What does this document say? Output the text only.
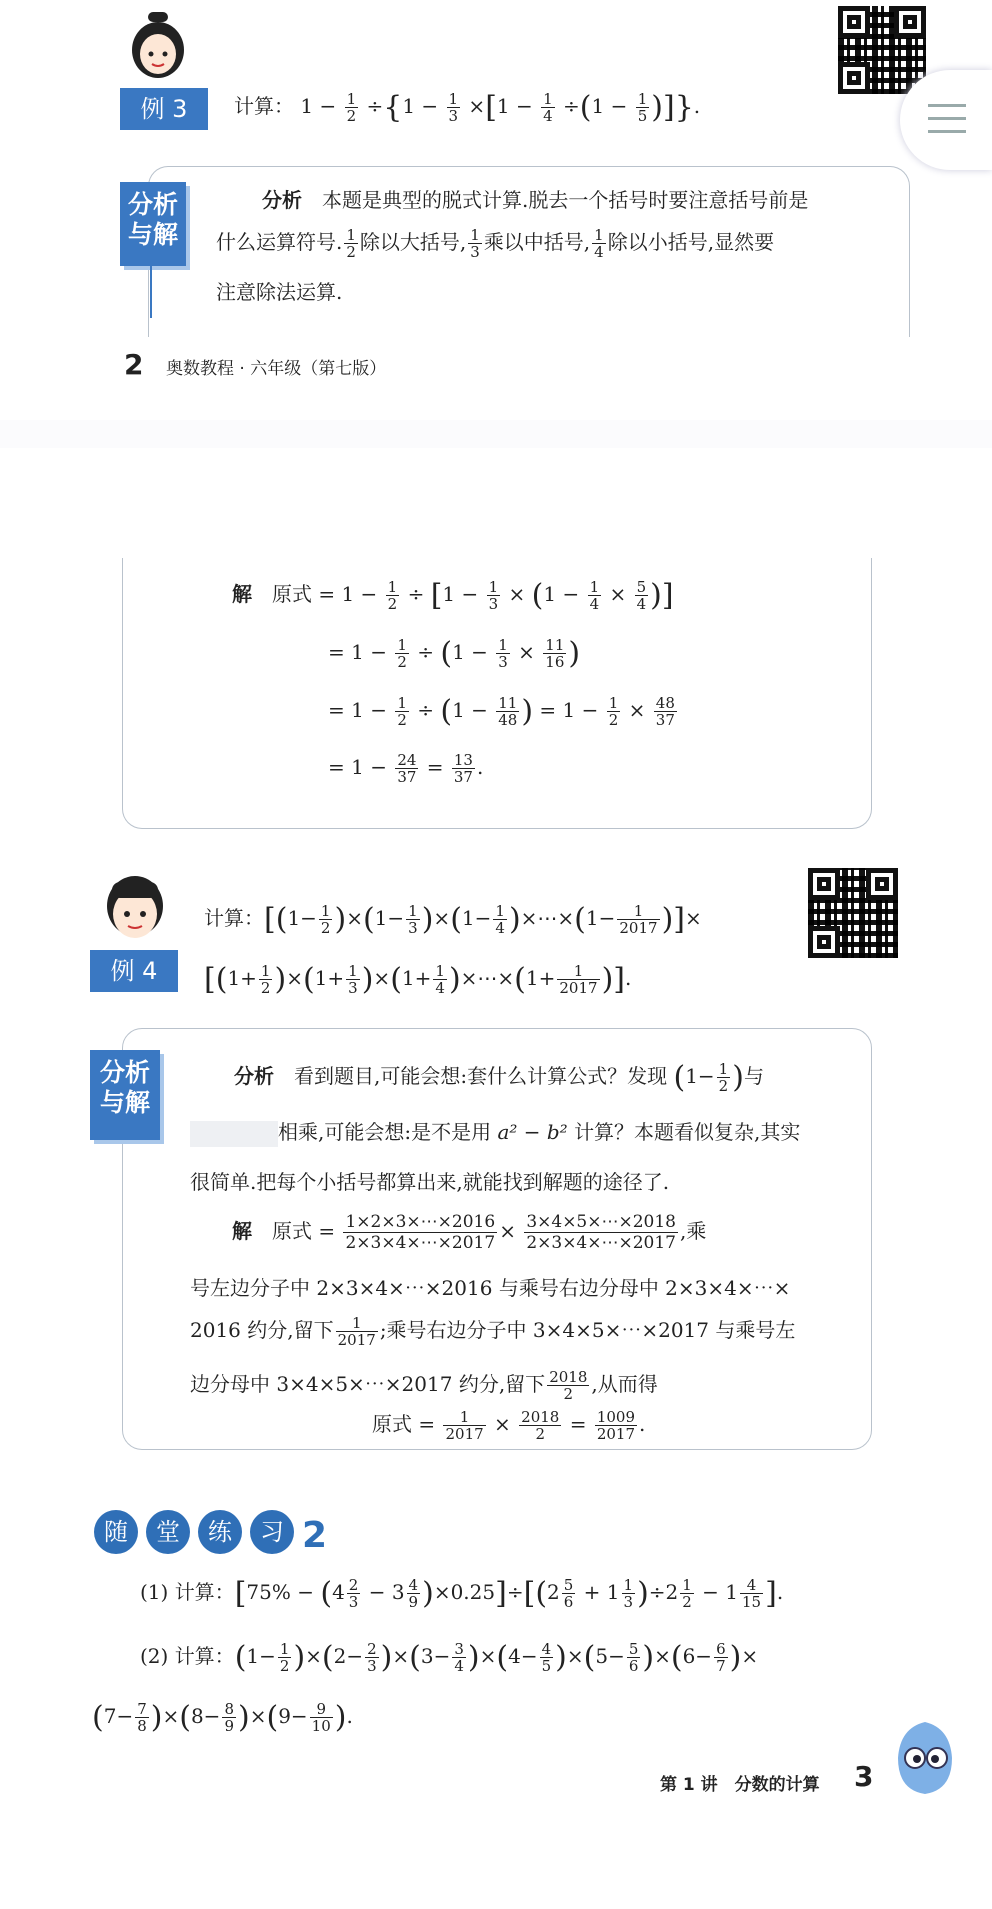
例 3	计算： $1 - \frac{1}{2} \div\{1 - \frac{1}{3} \times[1 - \frac{1}{4} \div(1 - \frac{1}{5}$ )]}.
分析与解
分析　 本题是典型的脱式计算.脱去一个括号时要注意括号前是
什么运算符号. $\frac{1}{2}$ 除以大括号, $\frac{1}{3}$ 乘以中括号, $\frac{1}{4}$ 除以小括号,显然要
注意除法运算.
2 奥数教程 · 六年级（第七版）
解　 原式 = $1 - \frac{1}{2} \div [1 - \frac{1}{3} \times (1 - \frac{1}{4} \times \frac{5}{4}$ )]
= $1 - \frac{1}{2} \div (1 - \frac{1}{3} \times \frac{11}{16}$ )
= $1 - \frac{1}{2} \div (1 - \frac{11}{48}$ ) = $1 - \frac{1}{2} \times \frac{48}{37}$
= $1 - \frac{24}{37} = \frac{13}{37}$ .
例 4
计算：[$(1- \frac{1}{2} )\times(1- \frac{1}{3} )\times(1- \frac{1}{4}$ )×⋯×(1− $\frac{1}{2017}$ )]×
[$(1+ \frac{1}{2} )\times(1+ \frac{1}{3} )\times(1+ \frac{1}{4}$ )×⋯×(1+ $\frac{1}{2017}$ )].
分析与解
分析　 看到题目,可能会想:套什么计算公式？发现 ($1- \frac{1}{2}$ )与
相乘,可能会想:是不是用 a² − b² 计算？本题看似复杂,其实
很简单.把每个小括号都算出来,就能找到解题的途径了.
解　 原式 = $\frac{1\times 2\times 3\times\cdots\times 2016}{2\times 3\times 4\times\cdots\times 2017} \times \frac{3\times 4\times 5\times\cdots\times 2018}{2\times 3\times 4\times\cdots\times 2017}$ ,乘
号左边分子中 2×3×4×⋯×2016 与乘号右边分母中 2×3×4×⋯×
2016 约分,留下 $\frac{1}{2017}$ ;乘号右边分子中 3×4×5×⋯×2017 与乘号左
边分母中 3×4×5×⋯×2017 约分,留下 $\frac{2018}{2}$ ,从而得
原式 = $\frac{1}{2017} \times \frac{2018}{2} = \frac{1009}{2017}$ .
随 堂 练 习 2
(1) 计算：$[75\% - (4 \frac{2}{3} - 3 \frac{4}{9} )\times 0.25]\div[(2 \frac{5}{6} + 1 \frac{1}{3} )\div 2 \frac{1}{2} - 1 \frac{4}{15}$ ].
(2) 计算：$(1- \frac{1}{2} )\times(2- \frac{2}{3} )\times(3- \frac{3}{4} )\times(4- \frac{4}{5} )\times(5- \frac{5}{6} )\times(6- \frac{6}{7}$ )×
$(7- \frac{7}{8} )\times(8- \frac{8}{9} )\times(9- \frac{9}{10}$ ).
第 1 讲　分数的计算 3
